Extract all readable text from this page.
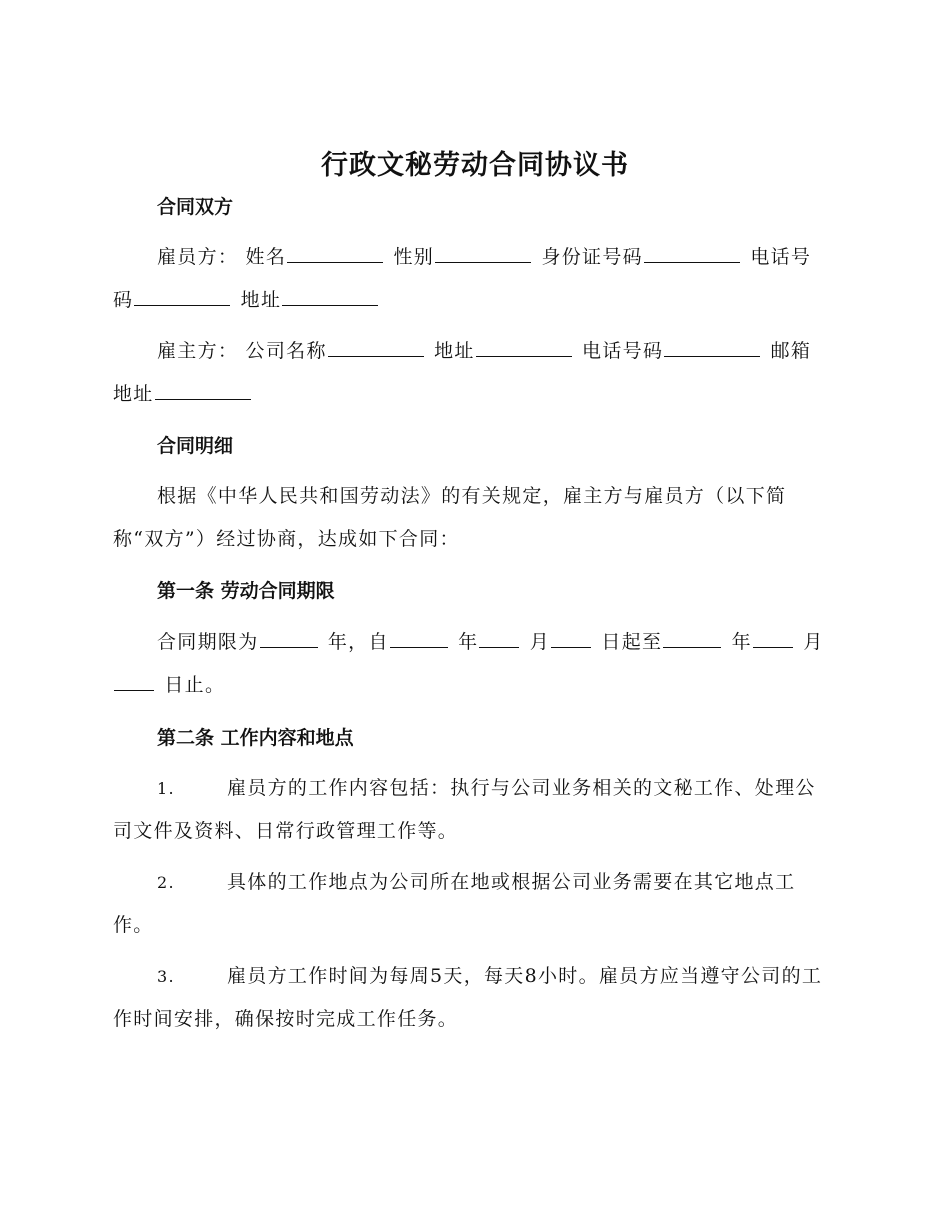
行政文秘劳动合同协议书
合同双方
雇员方： 姓名	性别	身份证号码	电话号码	地址
雇主方： 公司名称	地址	电话号码	邮箱地址
合同明细
根据《中华人民共和国劳动法》的有关规定，雇主方与雇员方（以下简称“双方”）经过协商，达成如下合同：
第一条 劳动合同期限
合同期限为	年，自	年	月	日起至	年	月 日止。
第二条 工作内容和地点
1.	雇员方的工作内容包括：执行与公司业务相关的文秘工作、处理公司文件及资料、日常行政管理工作等。
2.	具体的工作地点为公司所在地或根据公司业务需要在其它地点工作。
3.	雇员方工作时间为每周5天，每天8小时。雇员方应当遵守公司的工作时间安排，确保按时完成工作任务。
